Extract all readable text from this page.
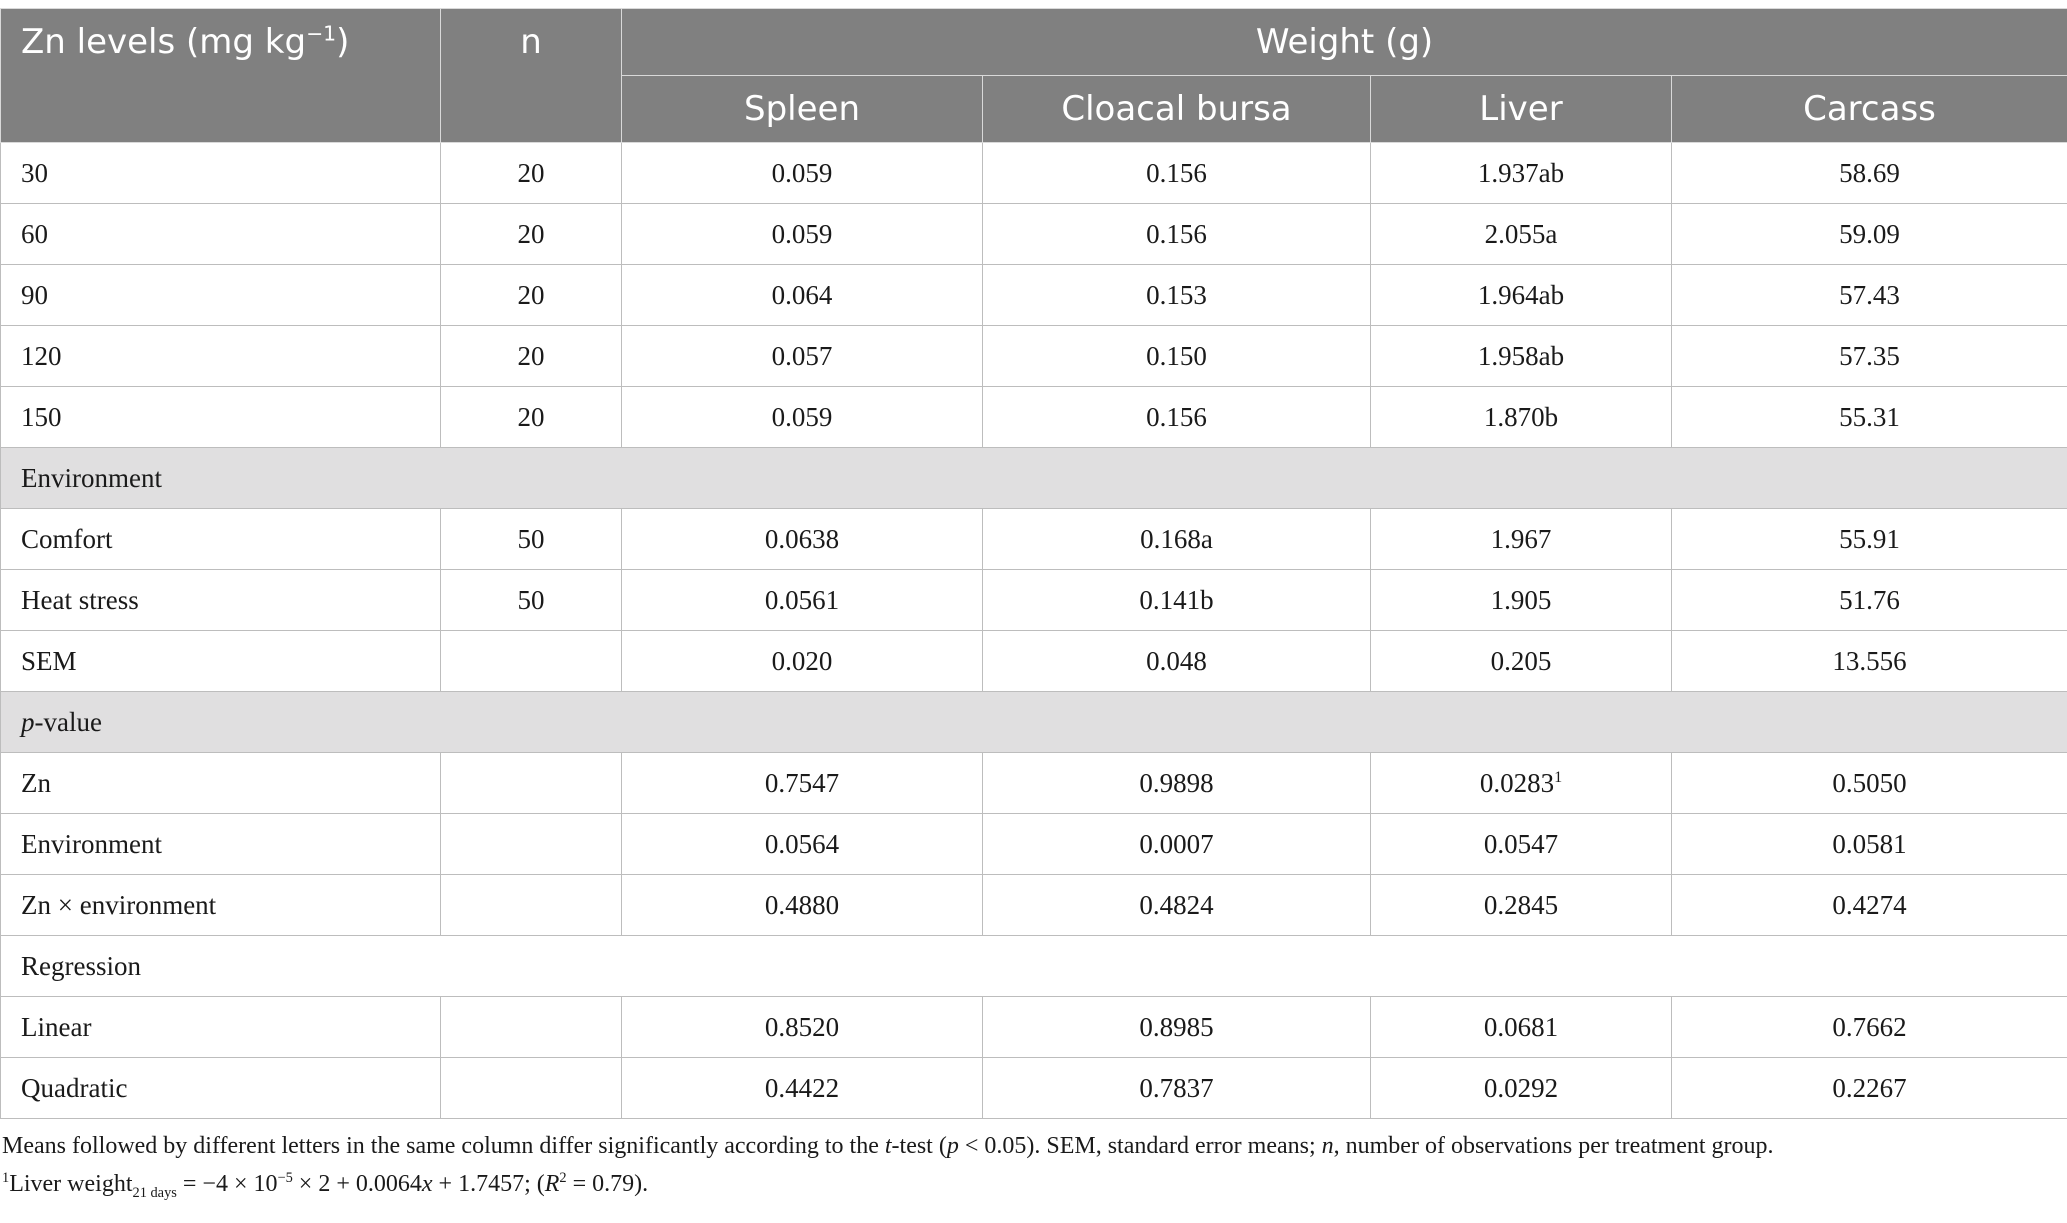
Zn levels (mg $kg^{-1}$)	n	Weight (g)			
		Spleen	Cloacal bursa	Liver	Carcass
30	20	0.059	0.156	1.937ab	58.69
60	20	0.059	0.156	2.055a	59.09
90	20	0.064	0.153	1.964ab	57.43
120	20	0.057	0.150	1.958ab	57.35
150	20	0.059	0.156	1.870b	55.31
Environment					
Comfort	50	0.0638	0.168a	1.967	55.91
Heat stress	50	0.0561	0.141b	1.905	51.76
SEM		0.020	0.048	0.205	13.556
p-value					
Zn		0.7547	0.9898	0.0283$^1$	0.5050
Environment		0.0564	0.0007	0.0547	0.0581
Zn × environment		0.4880	0.4824	0.2845	0.4274
Regression					
Linear		0.8520	0.8985	0.0681	0.7662
Quadratic		0.4422	0.7837	0.0292	0.2267
Means followed by different letters in the same column differ significantly according to the t-test (p < 0.05). SEM, standard error means; n, number of observations per treatment group.
$^1$Liver weight$_{21 days}$ = $-4 \times 10^{-5} \times 2 + 0.0064x + 1.7457$; $(R^2 = 0.79)$.
